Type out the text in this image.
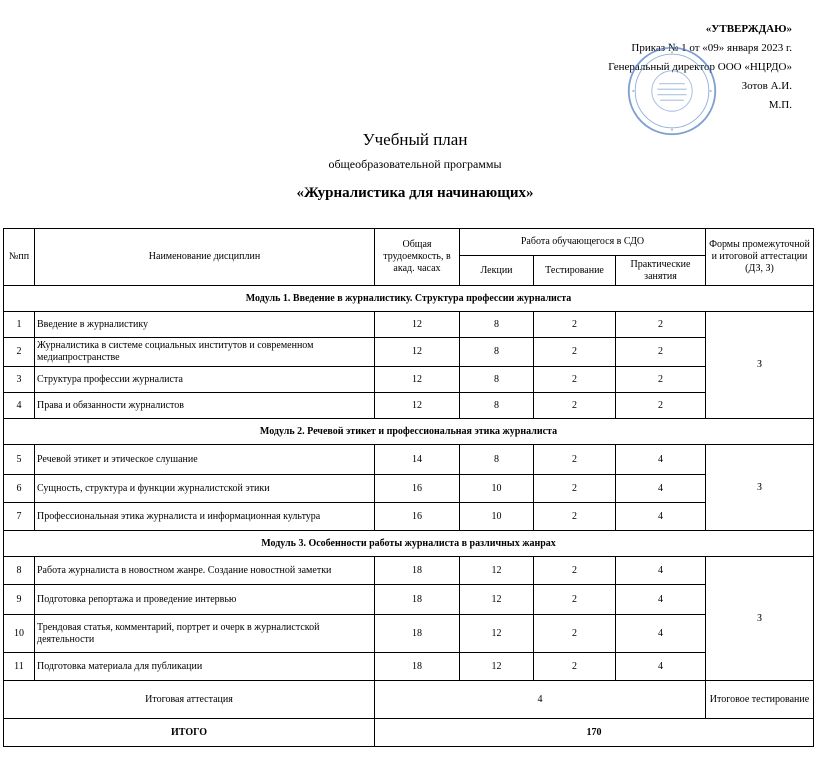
«УТВЕРЖДАЮ»
Приказ № 1 от «09» января 2023 г.
Генеральный директор ООО «НЦРДО»
Зотов А.И.
М.П.
Учебный план
общеобразовательной программы
«Журналистика для начинающих»
№пп	Наименование дисциплин	Общая трудоемкость, в акад. часах	Работа обучающегося в СДО			Формы промежуточной и итоговой аттестации (ДЗ, З)
			Лекции	Тестирование	Практические занятия	
Модуль 1. Введение в журналистику. Структура профессии журналиста						
1	Введение в журналистику	12	8	2	2	З
2	Журналистика в системе социальных институтов и современном медиапространстве	12	8	2	2	
3	Структура профессии журналиста	12	8	2	2	
4	Права и обязанности журналистов	12	8	2	2	
Модуль 2. Речевой этикет и профессиональная этика журналиста						
5	Речевой этикет и этическое слушание	14	8	2	4	З
6	Сущность, структура и функции журналистской этики	16	10	2	4	
7	Профессиональная этика журналиста и информационная культура	16	10	2	4	
Модуль 3. Особенности работы журналиста в различных жанрах						
8	Работа журналиста в новостном жанре. Создание новостной заметки	18	12	2	4	З
9	Подготовка репортажа и проведение интервью	18	12	2	4	
10	Трендовая статья, комментарий, портрет и очерк в журналистской деятельности	18	12	2	4	
11	Подготовка материала для публикации	18	12	2	4	
Итоговая аттестация		4				Итоговое тестирование
ИТОГО		170				
